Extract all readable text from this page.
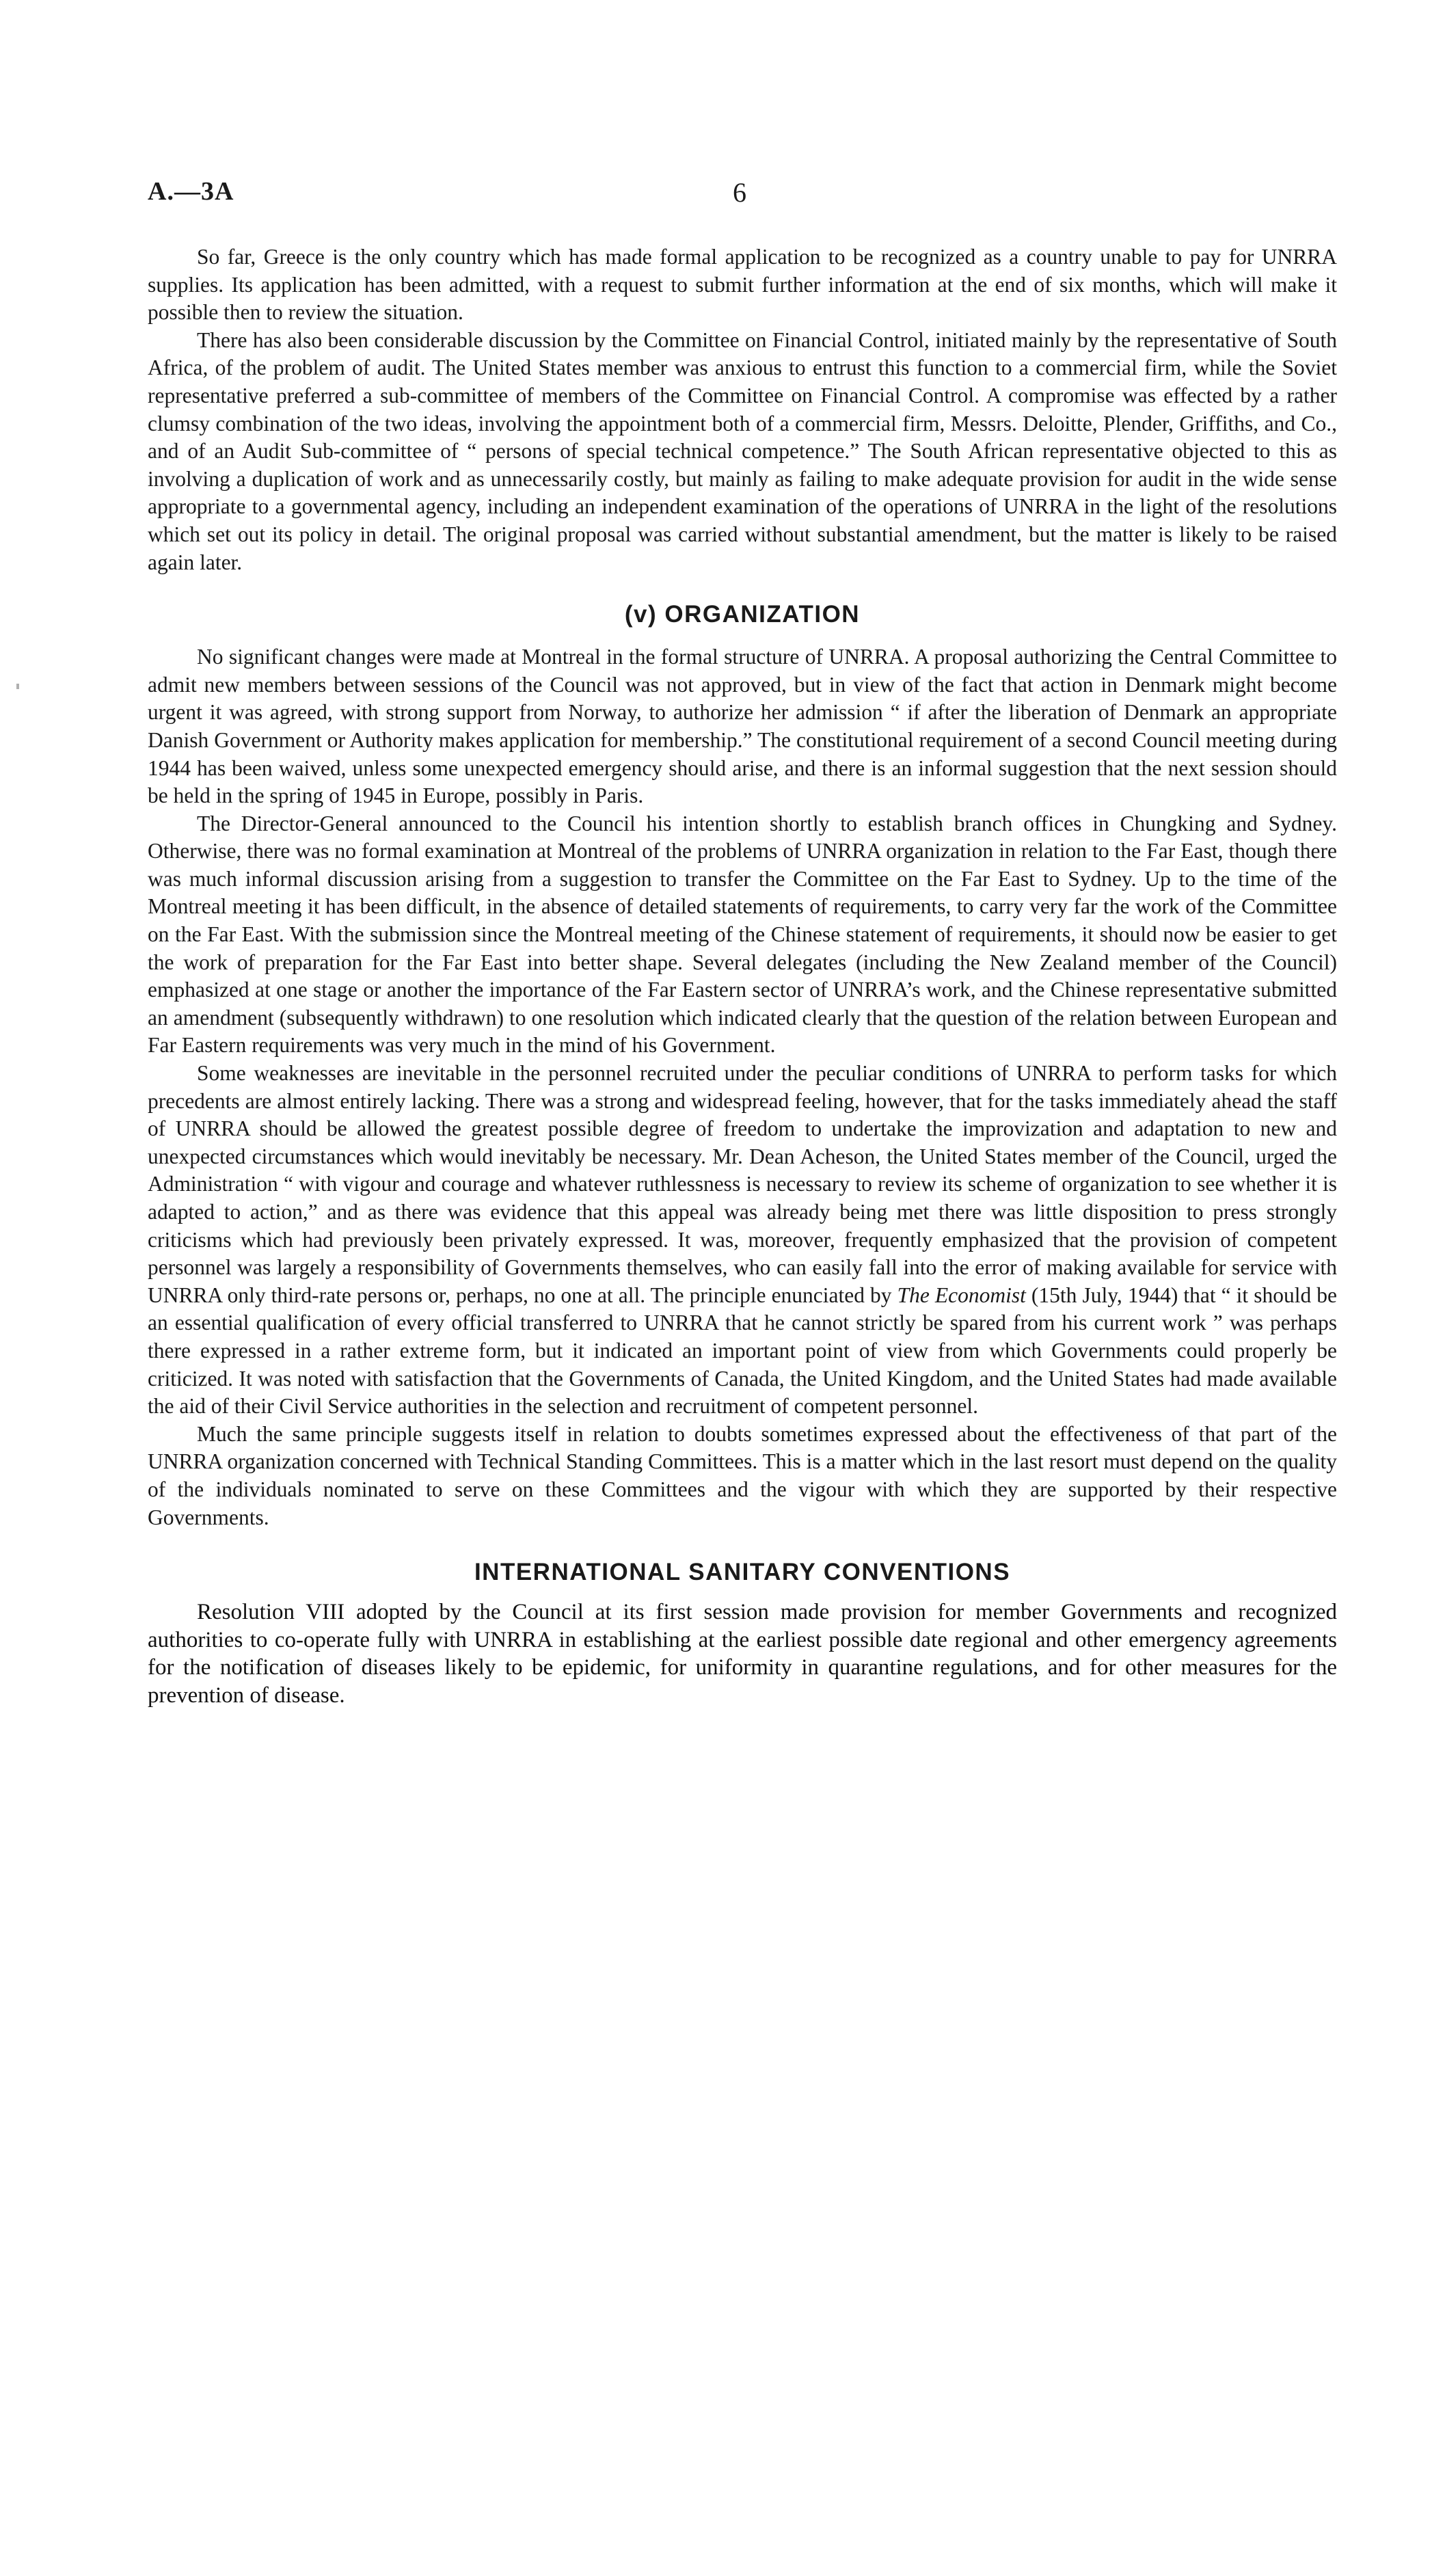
A.—3A	6

So far, Greece is the only country which has made formal application to be recognized as a country unable to pay for UNRRA supplies. Its application has been admitted, with a request to submit further information at the end of six months, which will make it possible then to review the situation.

There has also been considerable discussion by the Committee on Financial Control, initiated mainly by the representative of South Africa, of the problem of audit. The United States member was anxious to entrust this function to a commercial firm, while the Soviet representative preferred a sub-committee of members of the Committee on Financial Control. A compromise was effected by a rather clumsy combination of the two ideas, involving the appointment both of a commercial firm, Messrs. Deloitte, Plender, Griffiths, and Co., and of an Audit Sub-committee of “ persons of special technical competence.” The South African representative objected to this as involving a duplication of work and as unnecessarily costly, but mainly as failing to make adequate provision for audit in the wide sense appropriate to a governmental agency, including an independent examination of the operations of UNRRA in the light of the resolutions which set out its policy in detail. The original proposal was carried without substantial amendment, but the matter is likely to be raised again later.

(v) ORGANIZATION

No significant changes were made at Montreal in the formal structure of UNRRA. A proposal authorizing the Central Committee to admit new members between sessions of the Council was not approved, but in view of the fact that action in Denmark might become urgent it was agreed, with strong support from Norway, to authorize her admission “ if after the liberation of Denmark an appropriate Danish Government or Authority makes application for membership.” The constitutional requirement of a second Council meeting during 1944 has been waived, unless some unexpected emergency should arise, and there is an informal suggestion that the next session should be held in the spring of 1945 in Europe, possibly in Paris.

The Director-General announced to the Council his intention shortly to establish branch offices in Chungking and Sydney. Otherwise, there was no formal examination at Montreal of the problems of UNRRA organization in relation to the Far East, though there was much informal discussion arising from a suggestion to transfer the Committee on the Far East to Sydney. Up to the time of the Montreal meeting it has been difficult, in the absence of detailed statements of requirements, to carry very far the work of the Committee on the Far East. With the submission since the Montreal meeting of the Chinese statement of requirements, it should now be easier to get the work of preparation for the Far East into better shape. Several delegates (including the New Zealand member of the Council) emphasized at one stage or another the importance of the Far Eastern sector of UNRRA’s work, and the Chinese representative submitted an amendment (subsequently withdrawn) to one resolution which indicated clearly that the question of the relation between European and Far Eastern requirements was very much in the mind of his Government.

Some weaknesses are inevitable in the personnel recruited under the peculiar conditions of UNRRA to perform tasks for which precedents are almost entirely lacking. There was a strong and widespread feeling, however, that for the tasks immediately ahead the staff of UNRRA should be allowed the greatest possible degree of freedom to undertake the improvization and adaptation to new and unexpected circumstances which would inevitably be necessary. Mr. Dean Acheson, the United States member of the Council, urged the Administration “ with vigour and courage and whatever ruthlessness is necessary to review its scheme of organization to see whether it is adapted to action,” and as there was evidence that this appeal was already being met there was little disposition to press strongly criticisms which had previously been privately expressed. It was, moreover, frequently emphasized that the provision of competent personnel was largely a responsibility of Governments themselves, who can easily fall into the error of making available for service with UNRRA only third-rate persons or, perhaps, no one at all. The principle enunciated by The Economist (15th July, 1944) that “ it should be an essential qualification of every official transferred to UNRRA that he cannot strictly be spared from his current work ” was perhaps there expressed in a rather extreme form, but it indicated an important point of view from which Governments could properly be criticized. It was noted with satisfaction that the Governments of Canada, the United Kingdom, and the United States had made available the aid of their Civil Service authorities in the selection and recruitment of competent personnel.

Much the same principle suggests itself in relation to doubts sometimes expressed about the effectiveness of that part of the UNRRA organization concerned with Technical Standing Committees. This is a matter which in the last resort must depend on the quality of the individuals nominated to serve on these Committees and the vigour with which they are supported by their respective Governments.

INTERNATIONAL SANITARY CONVENTIONS

Resolution VIII adopted by the Council at its first session made provision for member Governments and recognized authorities to co-operate fully with UNRRA in establishing at the earliest possible date regional and other emergency agreements for the notification of diseases likely to be epidemic, for uniformity in quarantine regulations, and for other measures for the prevention of disease.
